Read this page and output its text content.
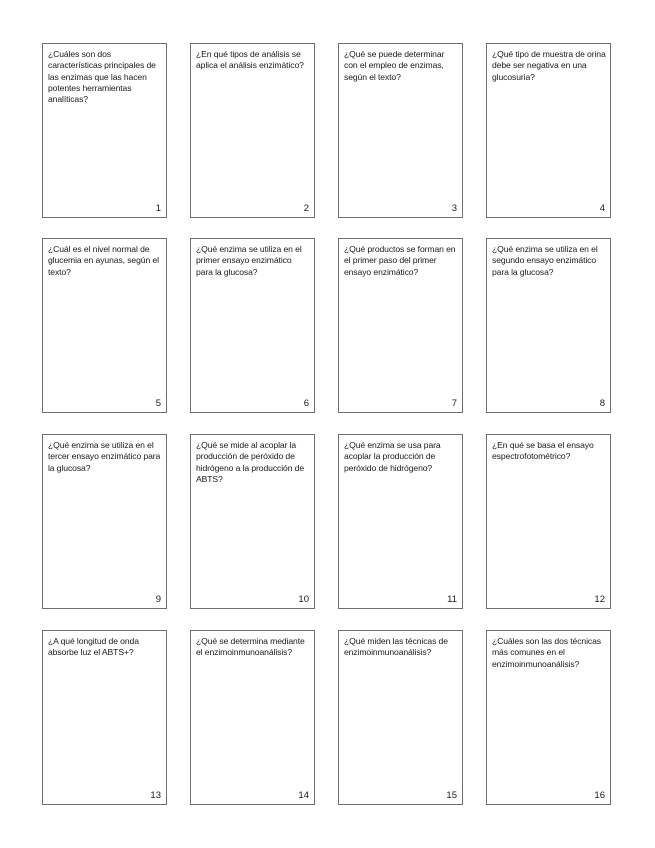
¿Cuáles son dos características principales de las enzimas que las hacen potentes herramientas analíticas?
1
¿En qué tipos de análisis se aplica el análisis enzimático?
2
¿Qué se puede determinar con el empleo de enzimas, según el texto?
3
¿Qué tipo de muestra de orina debe ser negativa en una glucosuria?
4
¿Cuál es el nivel normal de glucemia en ayunas, según el texto?
5
¿Qué enzima se utiliza en el primer ensayo enzimático para la glucosa?
6
¿Qué productos se forman en el primer paso del primer ensayo enzimático?
7
¿Qué enzima se utiliza en el segundo ensayo enzimático para la glucosa?
8
¿Qué enzima se utiliza en el tercer ensayo enzimático para la glucosa?
9
¿Qué se mide al acoplar la producción de peróxido de hidrógeno a la producción de ABTS?
10
¿Qué enzima se usa para acoplar la producción de peróxido de hidrógeno?
11
¿En qué se basa el ensayo espectrofotométrico?
12
¿A qué longitud de onda absorbe luz el ABTS+?
13
¿Qué se determina mediante el enzimoinmunoanálisis?
14
¿Qué miden las técnicas de enzimoinmunoanálisis?
15
¿Cuáles son las dos técnicas más comunes en el enzimoinmunoanálisis?
16
